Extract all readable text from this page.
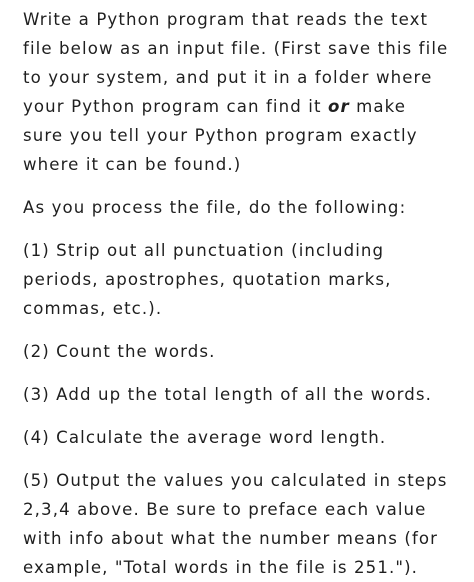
Write a Python program that reads the text
file below as an input file. (First save this file
to your system, and put it in a folder where
your Python program can find it or make
sure you tell your Python program exactly
where it can be found.)

As you process the file, do the following:

(1) Strip out all punctuation (including
periods, apostrophes, quotation marks,
commas, etc.).

(2) Count the words.

(3) Add up the total length of all the words.

(4) Calculate the average word length.

(5) Output the values you calculated in steps
2,3,4 above. Be sure to preface each value
with info about what the number means (for
example, "Total words in the file is 251.").
